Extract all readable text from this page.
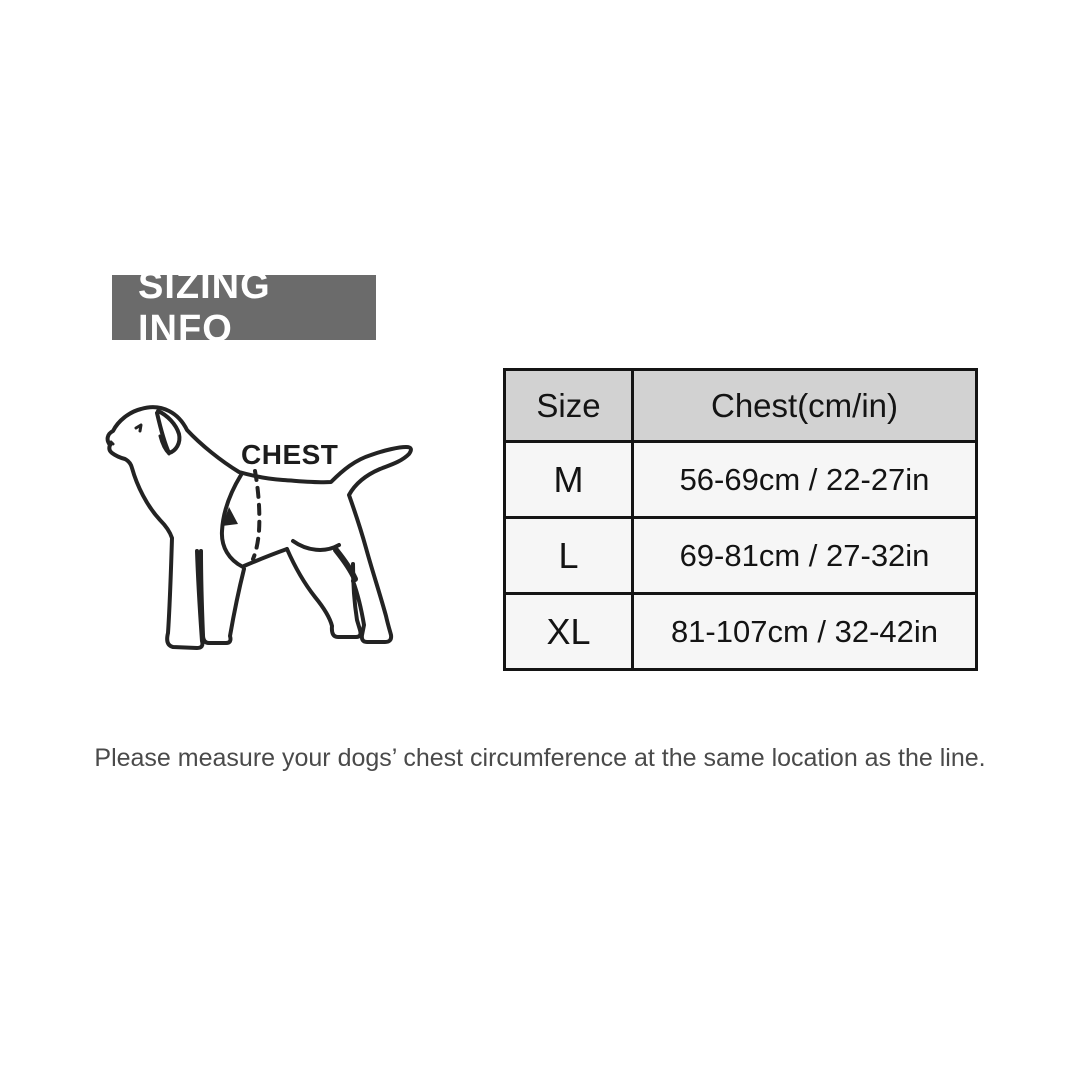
SIZING INFO
CHEST
Size	Chest(cm/in)
M	56-69cm / 22-27in
L	69-81cm / 27-32in
XL	81-107cm / 32-42in
Please measure your dogs’ chest circumference at the same location as the line.
